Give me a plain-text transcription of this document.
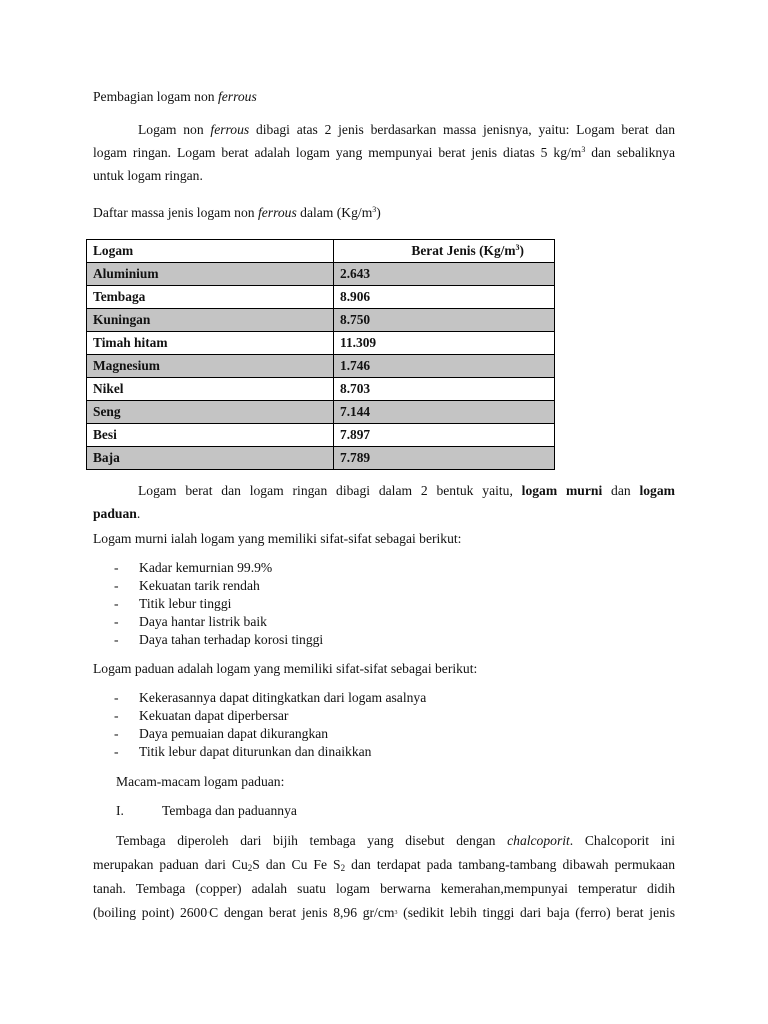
Pembagian logam non ferrous
Logam non ferrous dibagi atas 2 jenis berdasarkan massa jenisnya, yaitu: Logam berat dan
logam ringan. Logam berat adalah logam yang mempunyai berat jenis diatas 5 $kg/m^3$ dan sebaliknya
untuk logam ringan.
Daftar massa jenis logam non ferrous dalam $(Kg/m^3)$
Logam	Berat Jenis $(Kg/m^3)$
Aluminium	2.643
Tembaga	8.906
Kuningan	8.750
Timah hitam	11.309
Magnesium	1.746
Nikel	8.703
Seng	7.144
Besi	7.897
Baja	7.789
Logam berat dan logam ringan dibagi dalam 2 bentuk yaitu, logam murni dan logam
paduan.
Logam murni ialah logam yang memiliki sifat-sifat sebagai berikut:
- Kadar kemurnian 99.9%
- Kekuatan tarik rendah
- Titik lebur tinggi
- Daya hantar listrik baik
- Daya tahan terhadap korosi tinggi
Logam paduan adalah logam yang memiliki sifat-sifat sebagai berikut:
- Kekerasannya dapat ditingkatkan dari logam asalnya
- Kekuatan dapat diperbersar
- Daya pemuaian dapat dikurangkan
- Titik lebur dapat diturunkan dan dinaikkan
Macam-macam logam paduan:
I.	Tembaga dan paduannya
Tembaga diperoleh dari bijih tembaga yang disebut dengan chalcoporit. Chalcoporit ini
merupakan paduan dari $Cu_2S$ dan Cu Fe $S_2$ dan terdapat pada tambang-tambang dibawah permukaan
tanah. Tembaga (copper) adalah suatu logam berwarna kemerahan,mempunyai temperatur didih
(boiling point) 2600·C dengan berat jenis 8,96 $gr/cm^3$ (sedikit lebih tinggi dari baja (ferro) berat jenis
